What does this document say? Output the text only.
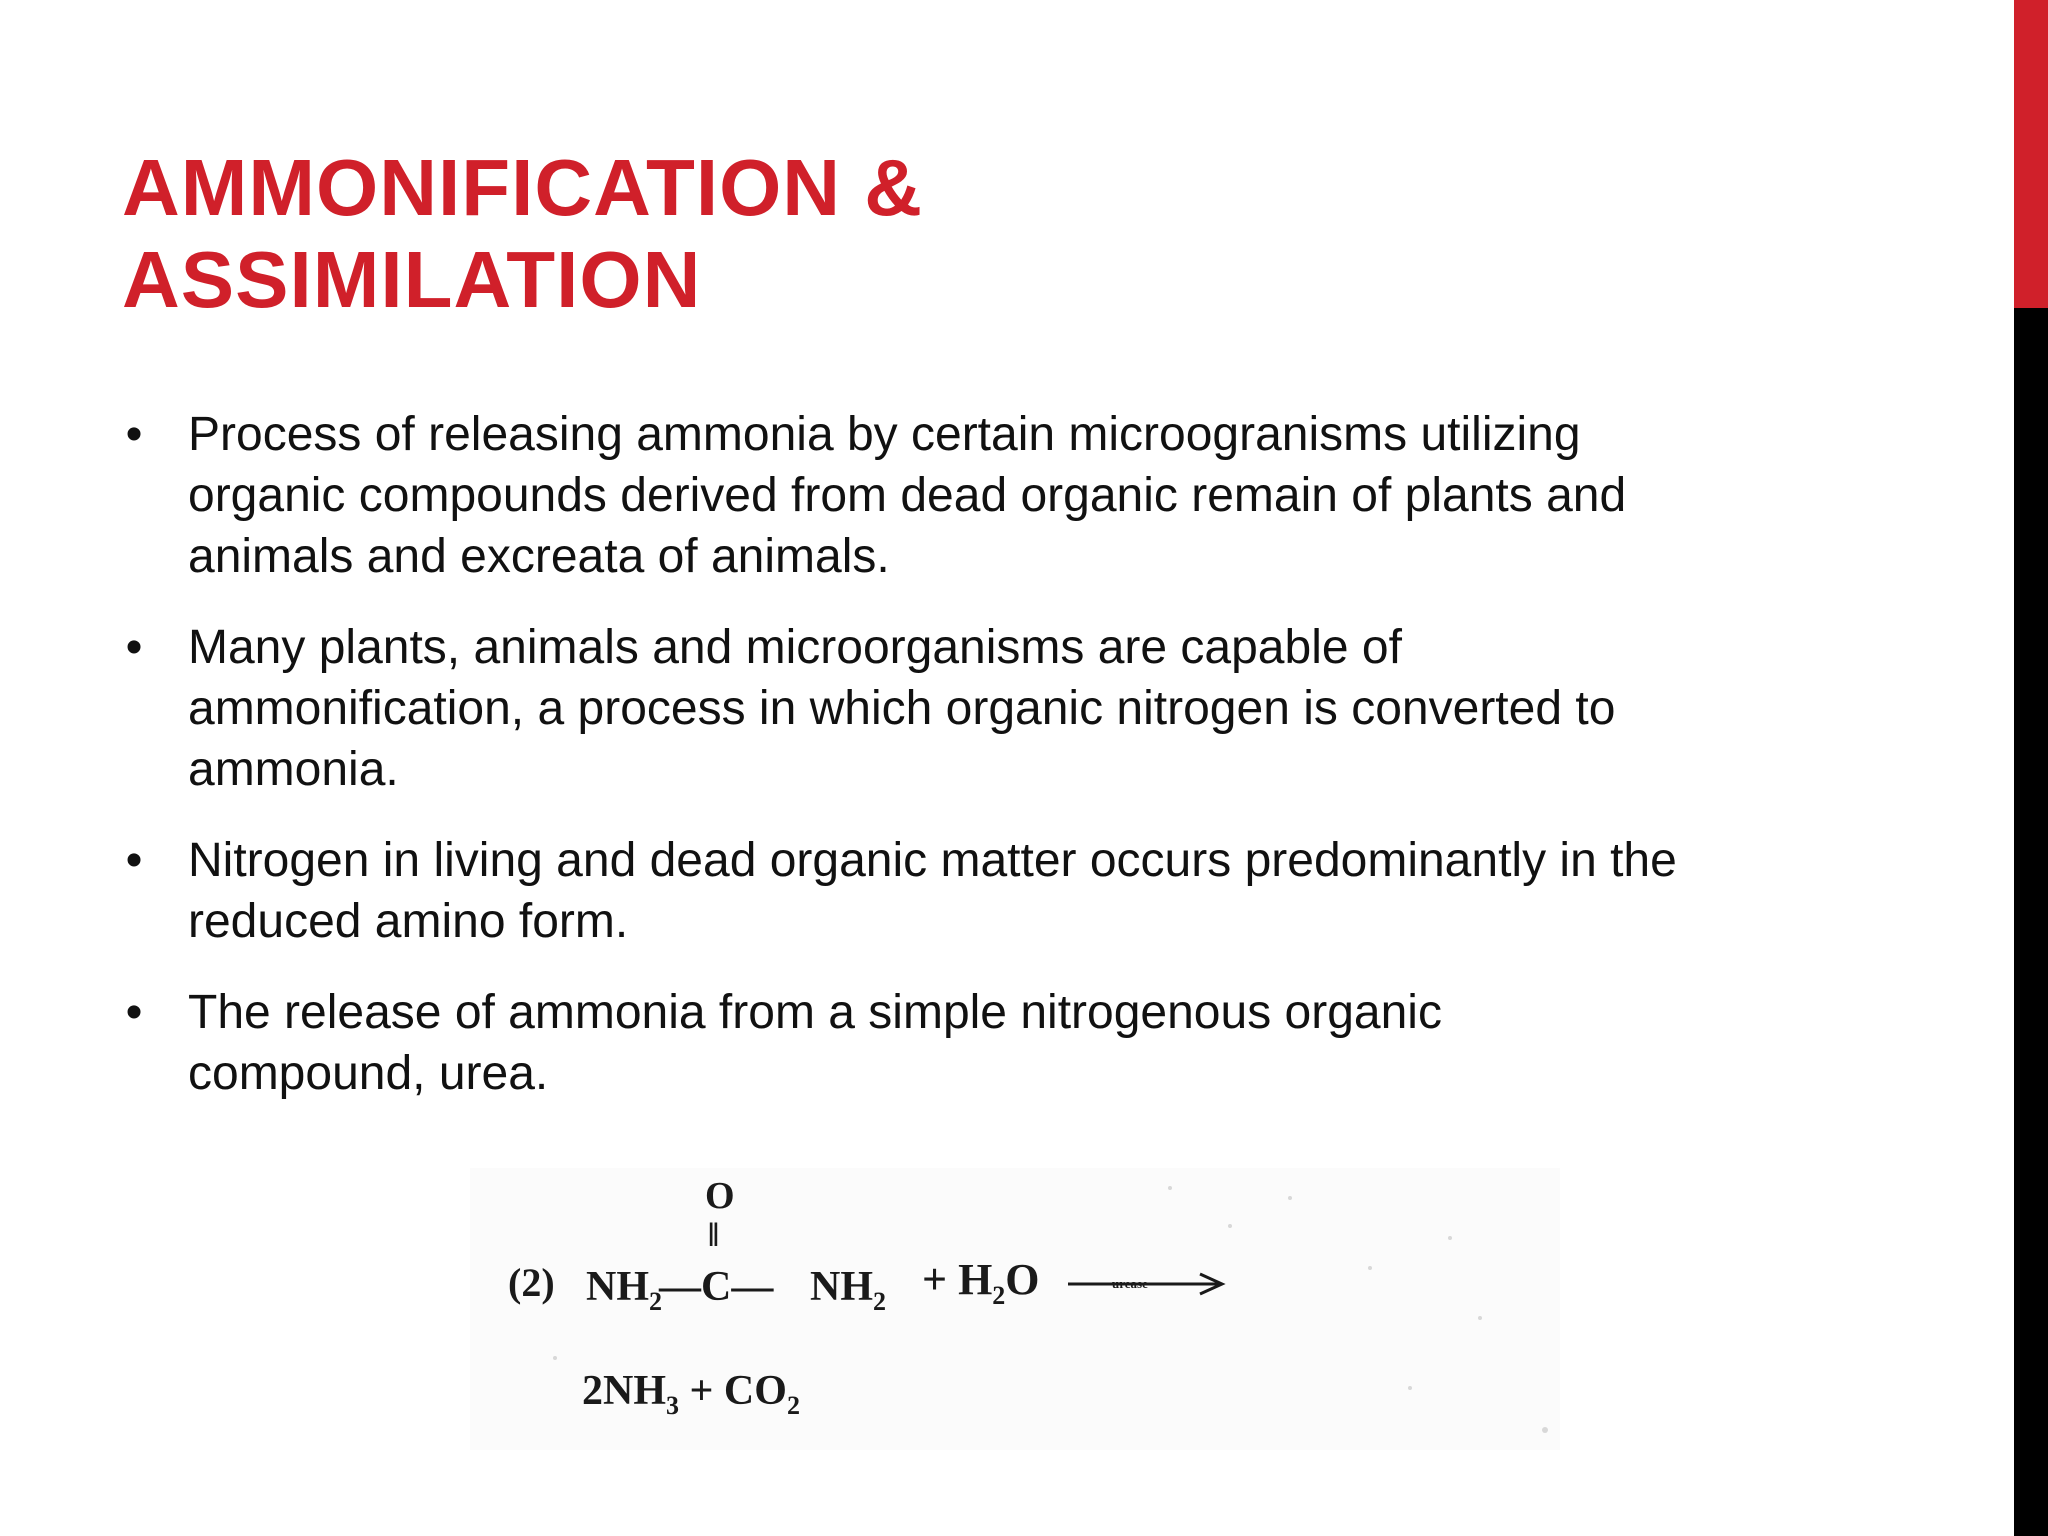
AMMONIFICATION &
ASSIMILATION
• Process of releasing ammonia by certain microogranisms utilizing
organic compounds derived from dead organic remain of plants and
animals and excreata of animals.
• Many plants, animals and microorganisms are capable of
ammonification, a process in which organic nitrogen is converted to
ammonia.
• Nitrogen in living and dead organic matter occurs predominantly in the
reduced amino form.
• The release of ammonia from a simple nitrogenous organic
compound, urea.
(2) $NH_2$
—C—
O
‖
$NH_2 + H_2O$	urease
$2NH_3 + CO_2$
